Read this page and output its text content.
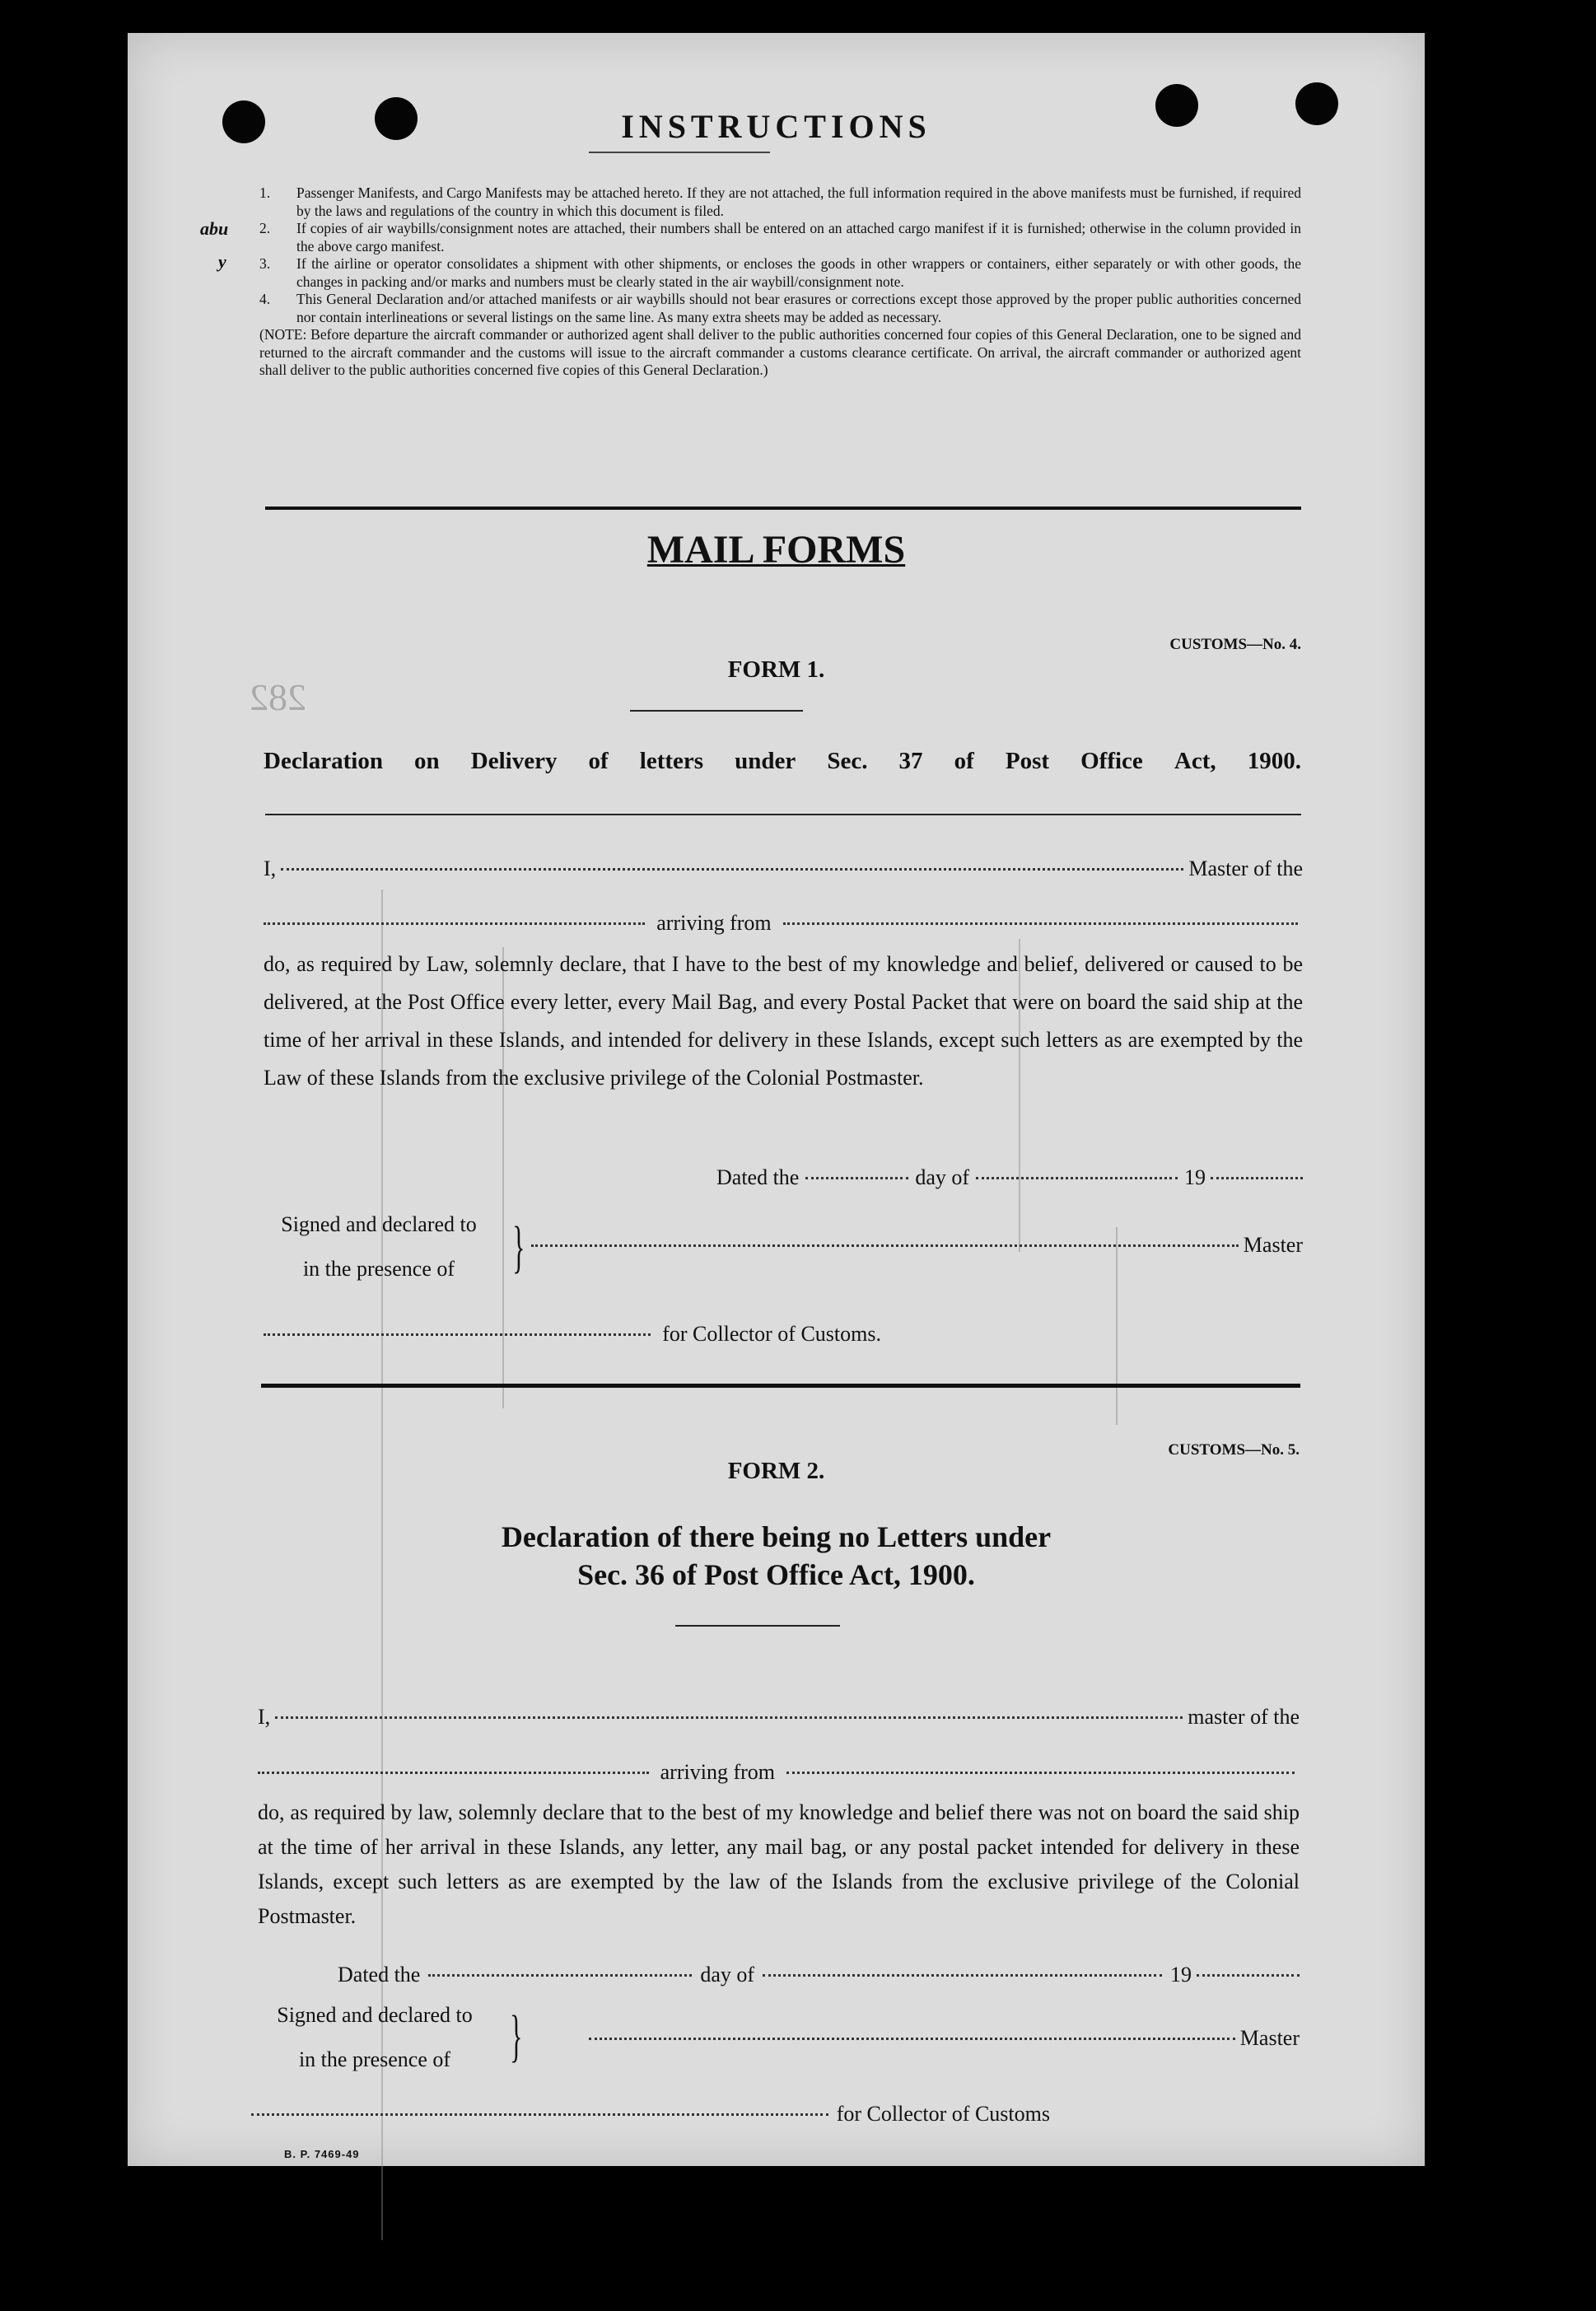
abu
y
282
INSTRUCTIONS
1. Passenger Manifests, and Cargo Manifests may be attached hereto. If they are not attached, the full information required in the above manifests must be furnished, if required by the laws and regulations of the country in which this document is filed.
2. If copies of air waybills/consignment notes are attached, their numbers shall be entered on an attached cargo manifest if it is furnished; otherwise in the column provided in the above cargo manifest.
3. If the airline or operator consolidates a shipment with other shipments, or encloses the goods in other wrappers or containers, either separately or with other goods, the changes in packing and/or marks and numbers must be clearly stated in the air waybill/consignment note.
4. This General Declaration and/or attached manifests or air waybills should not bear erasures or corrections except those approved by the proper public authorities concerned nor contain interlineations or several listings on the same line. As many extra sheets may be added as necessary.
(NOTE: Before departure the aircraft commander or authorized agent shall deliver to the public authorities concerned four copies of this General Declaration, one to be signed and returned to the aircraft commander and the customs will issue to the aircraft commander a customs clearance certificate. On arrival, the aircraft commander or authorized agent shall deliver to the public authorities concerned five copies of this General Declaration.)
MAIL FORMS
CUSTOMS—No. 4.
FORM 1.
Declaration on Delivery of letters under Sec. 37 of Post Office Act, 1900.
I,	Master of the
arriving from
do, as required by Law, solemnly declare, that I have to the best of my knowledge and belief, delivered or caused to be delivered, at the Post Office every letter, every Mail Bag, and every Postal Packet that were on board the said ship at the time of her arrival in these Islands, and intended for delivery in these Islands, except such letters as are exempted by the Law of these Islands from the exclusive privilege of the Colonial Postmaster.
Dated the	day of	19
Signed and declared to
in the presence of	}	Master
for Collector of Customs.
CUSTOMS—No. 5.
FORM 2.
Declaration of there being no Letters under
Sec. 36 of Post Office Act, 1900.
I,	master of the
arriving from
do, as required by law, solemnly declare that to the best of my knowledge and belief there was not on board the said ship at the time of her arrival in these Islands, any letter, any mail bag, or any postal packet intended for delivery in these Islands, except such letters as are exempted by the law of the Islands from the exclusive privilege of the Colonial Postmaster.
Dated the	day of	19
Signed and declared to
in the presence of	}	Master
for Collector of Customs
B. P. 7469-49
